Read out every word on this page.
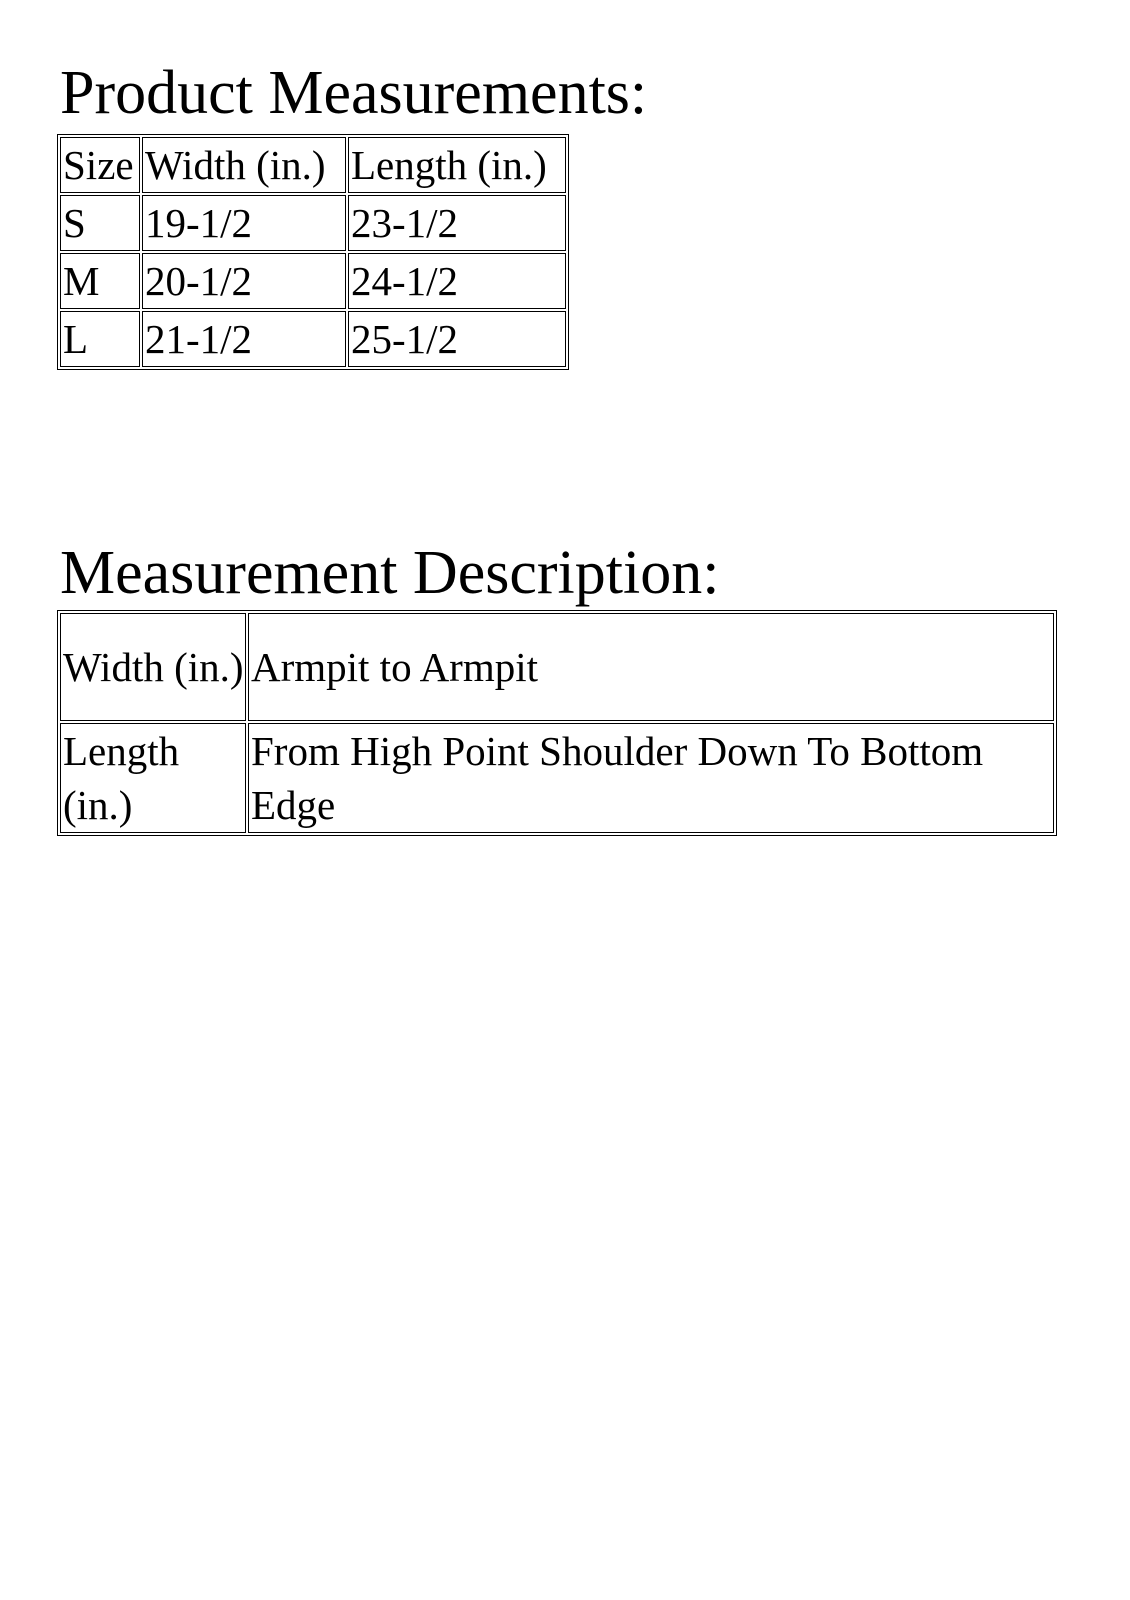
Product Measurements:
Size	Width (in.)	Length (in.)
S	19-1/2	23-1/2
M	20-1/2	24-1/2
L	21-1/2	25-1/2
Measurement Description:
Width (in.)	Armpit to Armpit
Length (in.)	From High Point Shoulder Down To Bottom Edge
